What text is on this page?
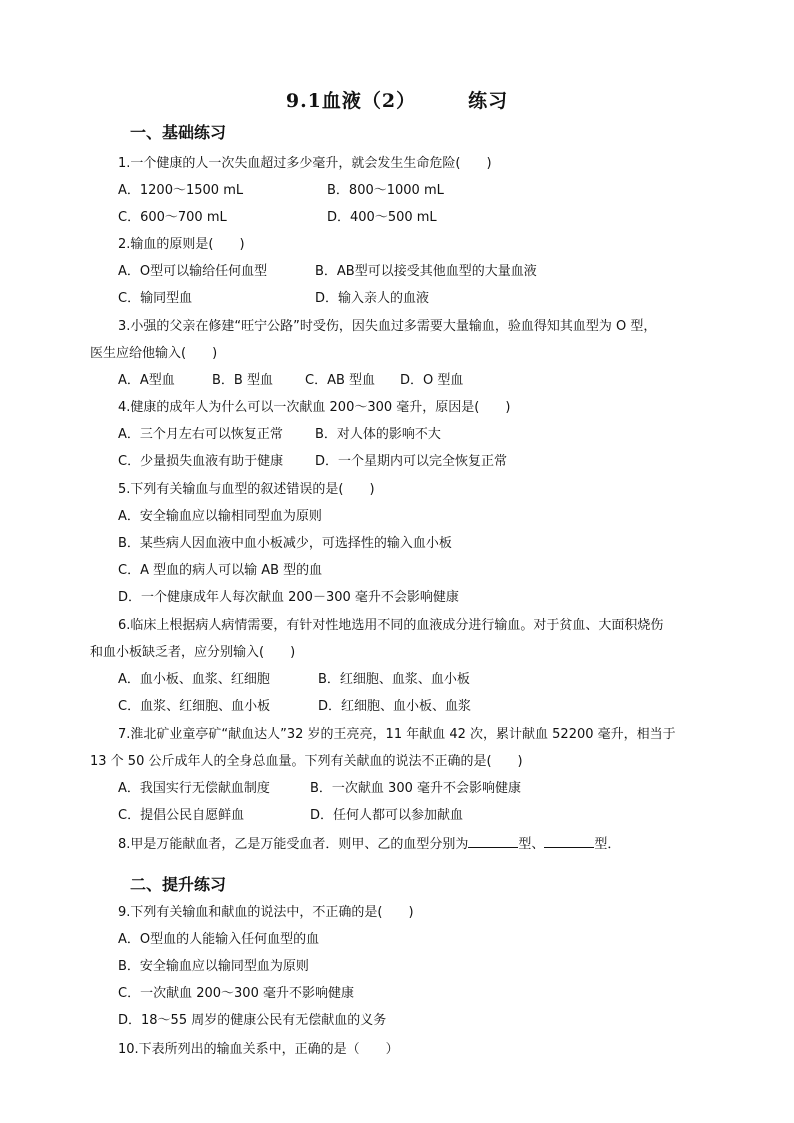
9.1血液（2）	练习
一、基础练习
1.一个健康的人一次失血超过多少毫升，就会发生生命危险(　　)
A．1200～1500 mL	B．800～1000 mL
C．600～700 mL	D．400～500 mL
2.输血的原则是(　　)
A．O型可以输给任何血型	B．AB型可以接受其他血型的大量血液
C．输同型血	D．输入亲人的血液
3.小强的父亲在修建“旺宁公路”时受伤，因失血过多需要大量输血，验血得知其血型为 O 型，
医生应给他输入(　　)
A．A型血	B．B 型血 C．AB 型血 D．O 型血
4.健康的成年人为什么可以一次献血 200～300 毫升，原因是(　　)
A．三个月左右可以恢复正常 B．对人体的影响不大
C．少量损失血液有助于健康 D．一个星期内可以完全恢复正常
5.下列有关输血与血型的叙述错误的是(　　)
A．安全输血应以输相同型血为原则
B．某些病人因血液中血小板减少，可选择性的输入血小板
C．A 型血的病人可以输 AB 型的血
D．一个健康成年人每次献血 200－300 毫升不会影响健康
6.临床上根据病人病情需要，有针对性地选用不同的血液成分进行输血。对于贫血、大面积烧伤
和血小板缺乏者，应分别输入(　　)
A．血小板、血浆、红细胞	B．红细胞、血浆、血小板
C．血浆、红细胞、血小板	D．红细胞、血小板、血浆
7.淮北矿业童亭矿“献血达人”32 岁的王亮亮，11 年献血 42 次，累计献血 52200 毫升，相当于
13 个 50 公斤成年人的全身总血量。下列有关献血的说法不正确的是(　　)
A．我国实行无偿献血制度	B．一次献血 300 毫升不会影响健康
C．提倡公民自愿鲜血	D．任何人都可以参加献血
8.甲是万能献血者，乙是万能受血者．则甲、乙的血型分别为	型、	型．
二、提升练习
9.下列有关输血和献血的说法中，不正确的是(　　)
A．O型血的人能输入任何血型的血
B．安全输血应以输同型血为原则
C．一次献血 200～300 毫升不影响健康
D．18～55 周岁的健康公民有无偿献血的义务
10.下表所列出的输血关系中，正确的是（　　）
